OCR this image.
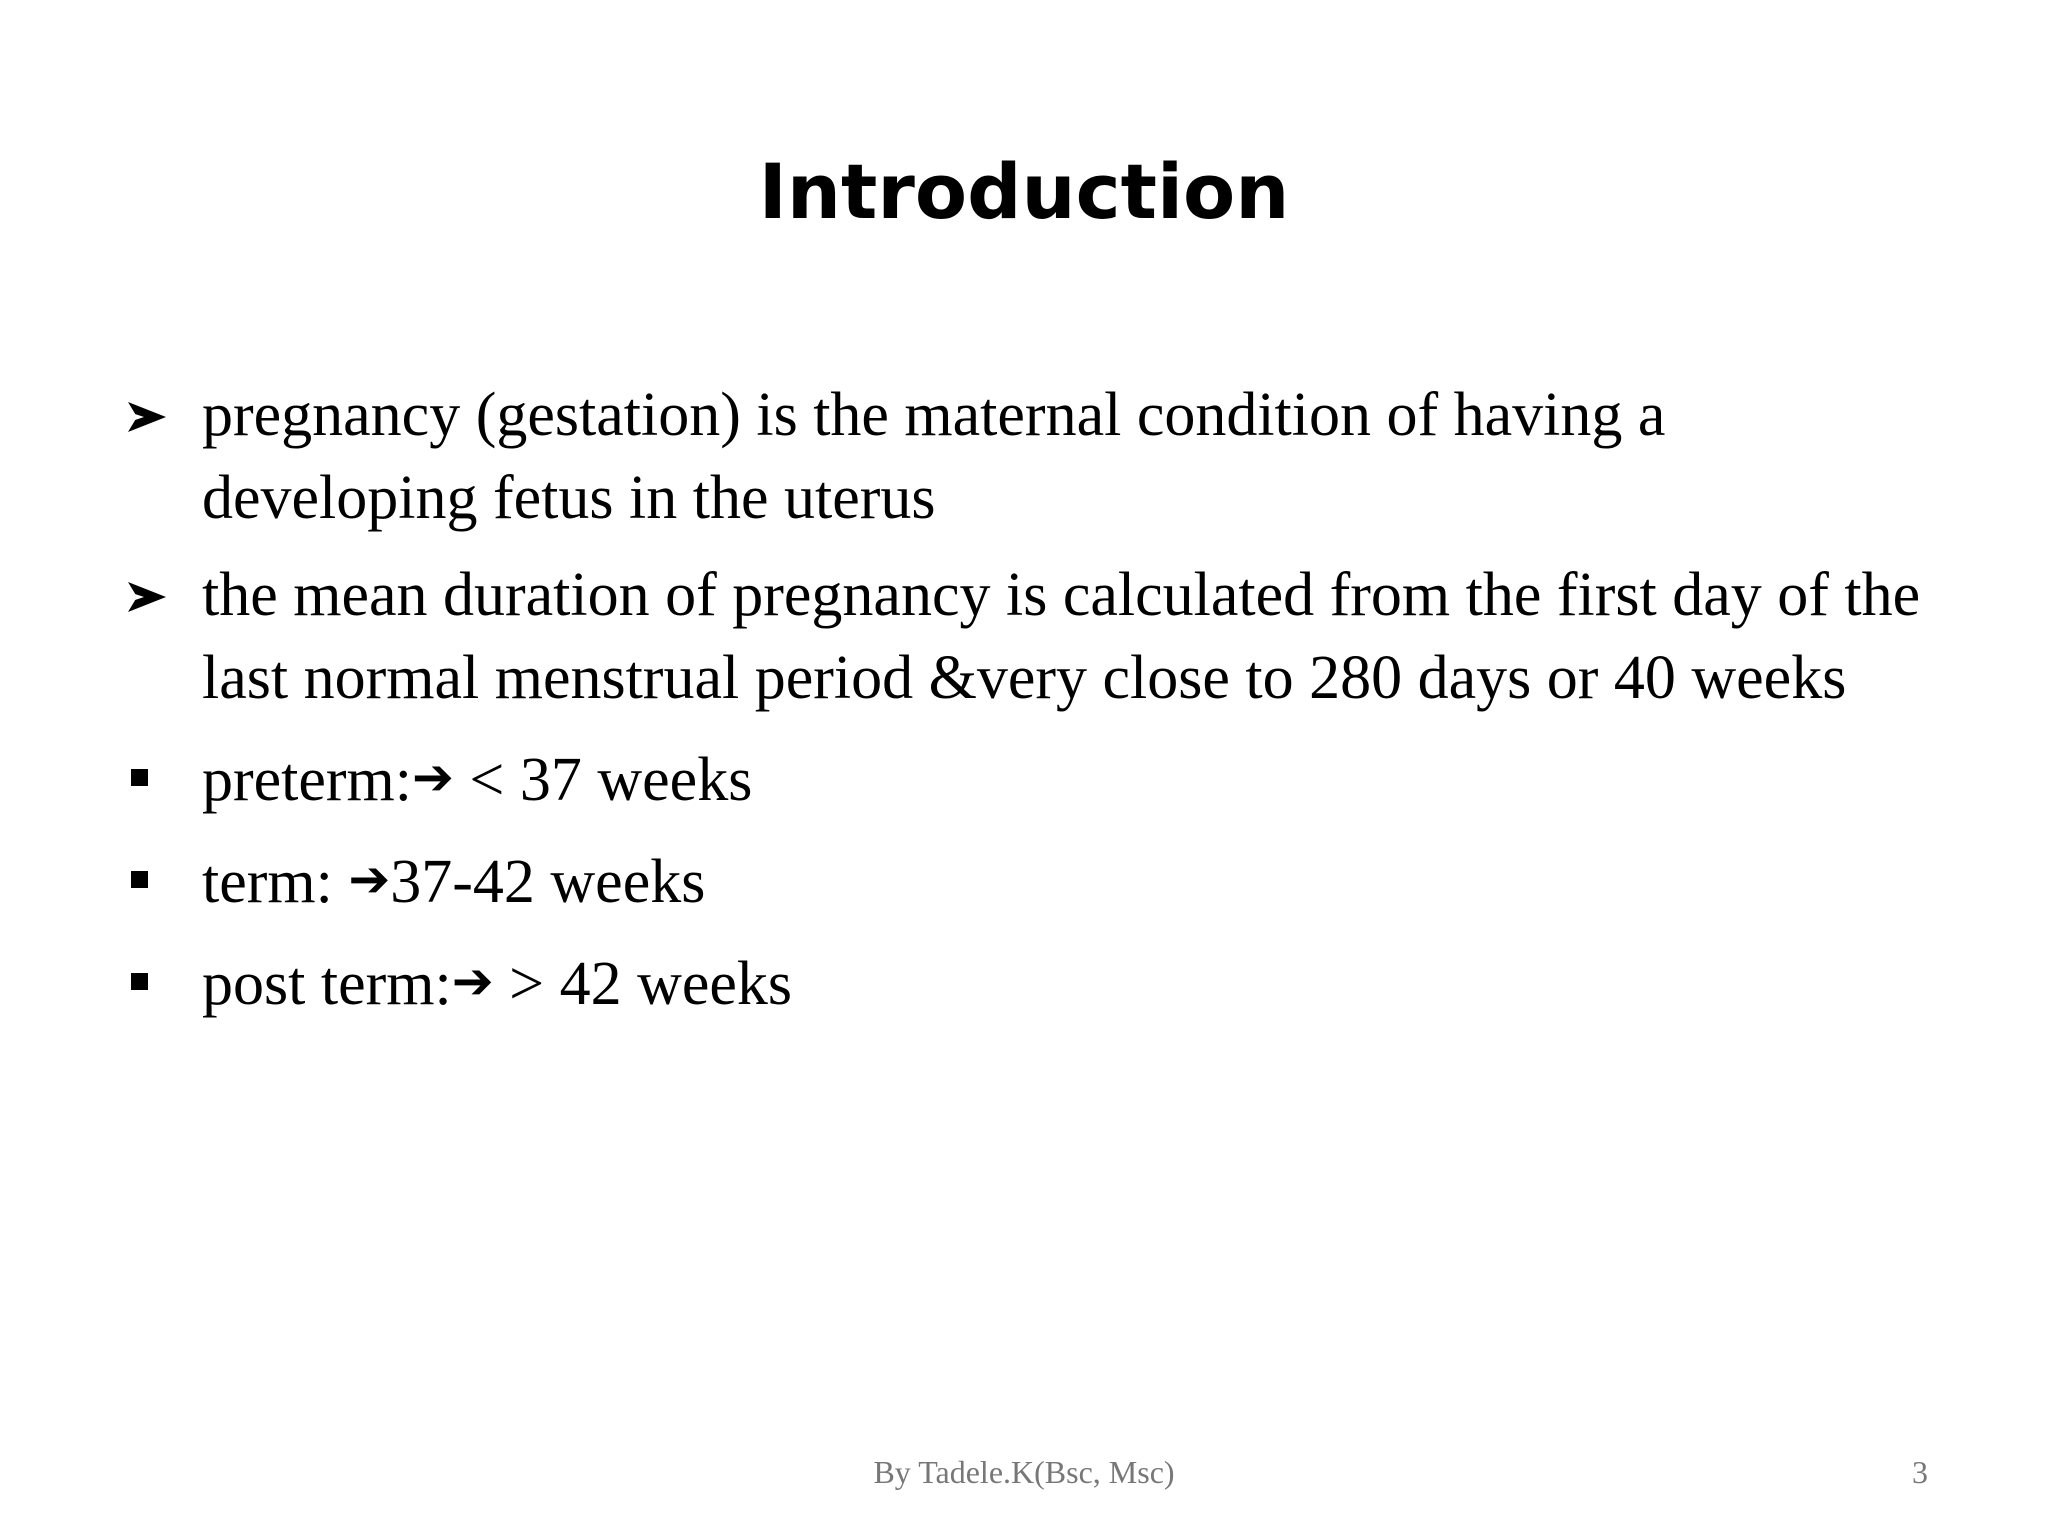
Introduction
pregnancy (gestation) is the maternal condition of having a developing fetus in the uterus
the mean duration of pregnancy is calculated from the first day of the last normal menstrual period &very close to 280 days or 40 weeks
preterm:➔ < 37 weeks
term: ➔37-42 weeks
post term:➔ > 42 weeks
By Tadele.K(Bsc, Msc)	3
